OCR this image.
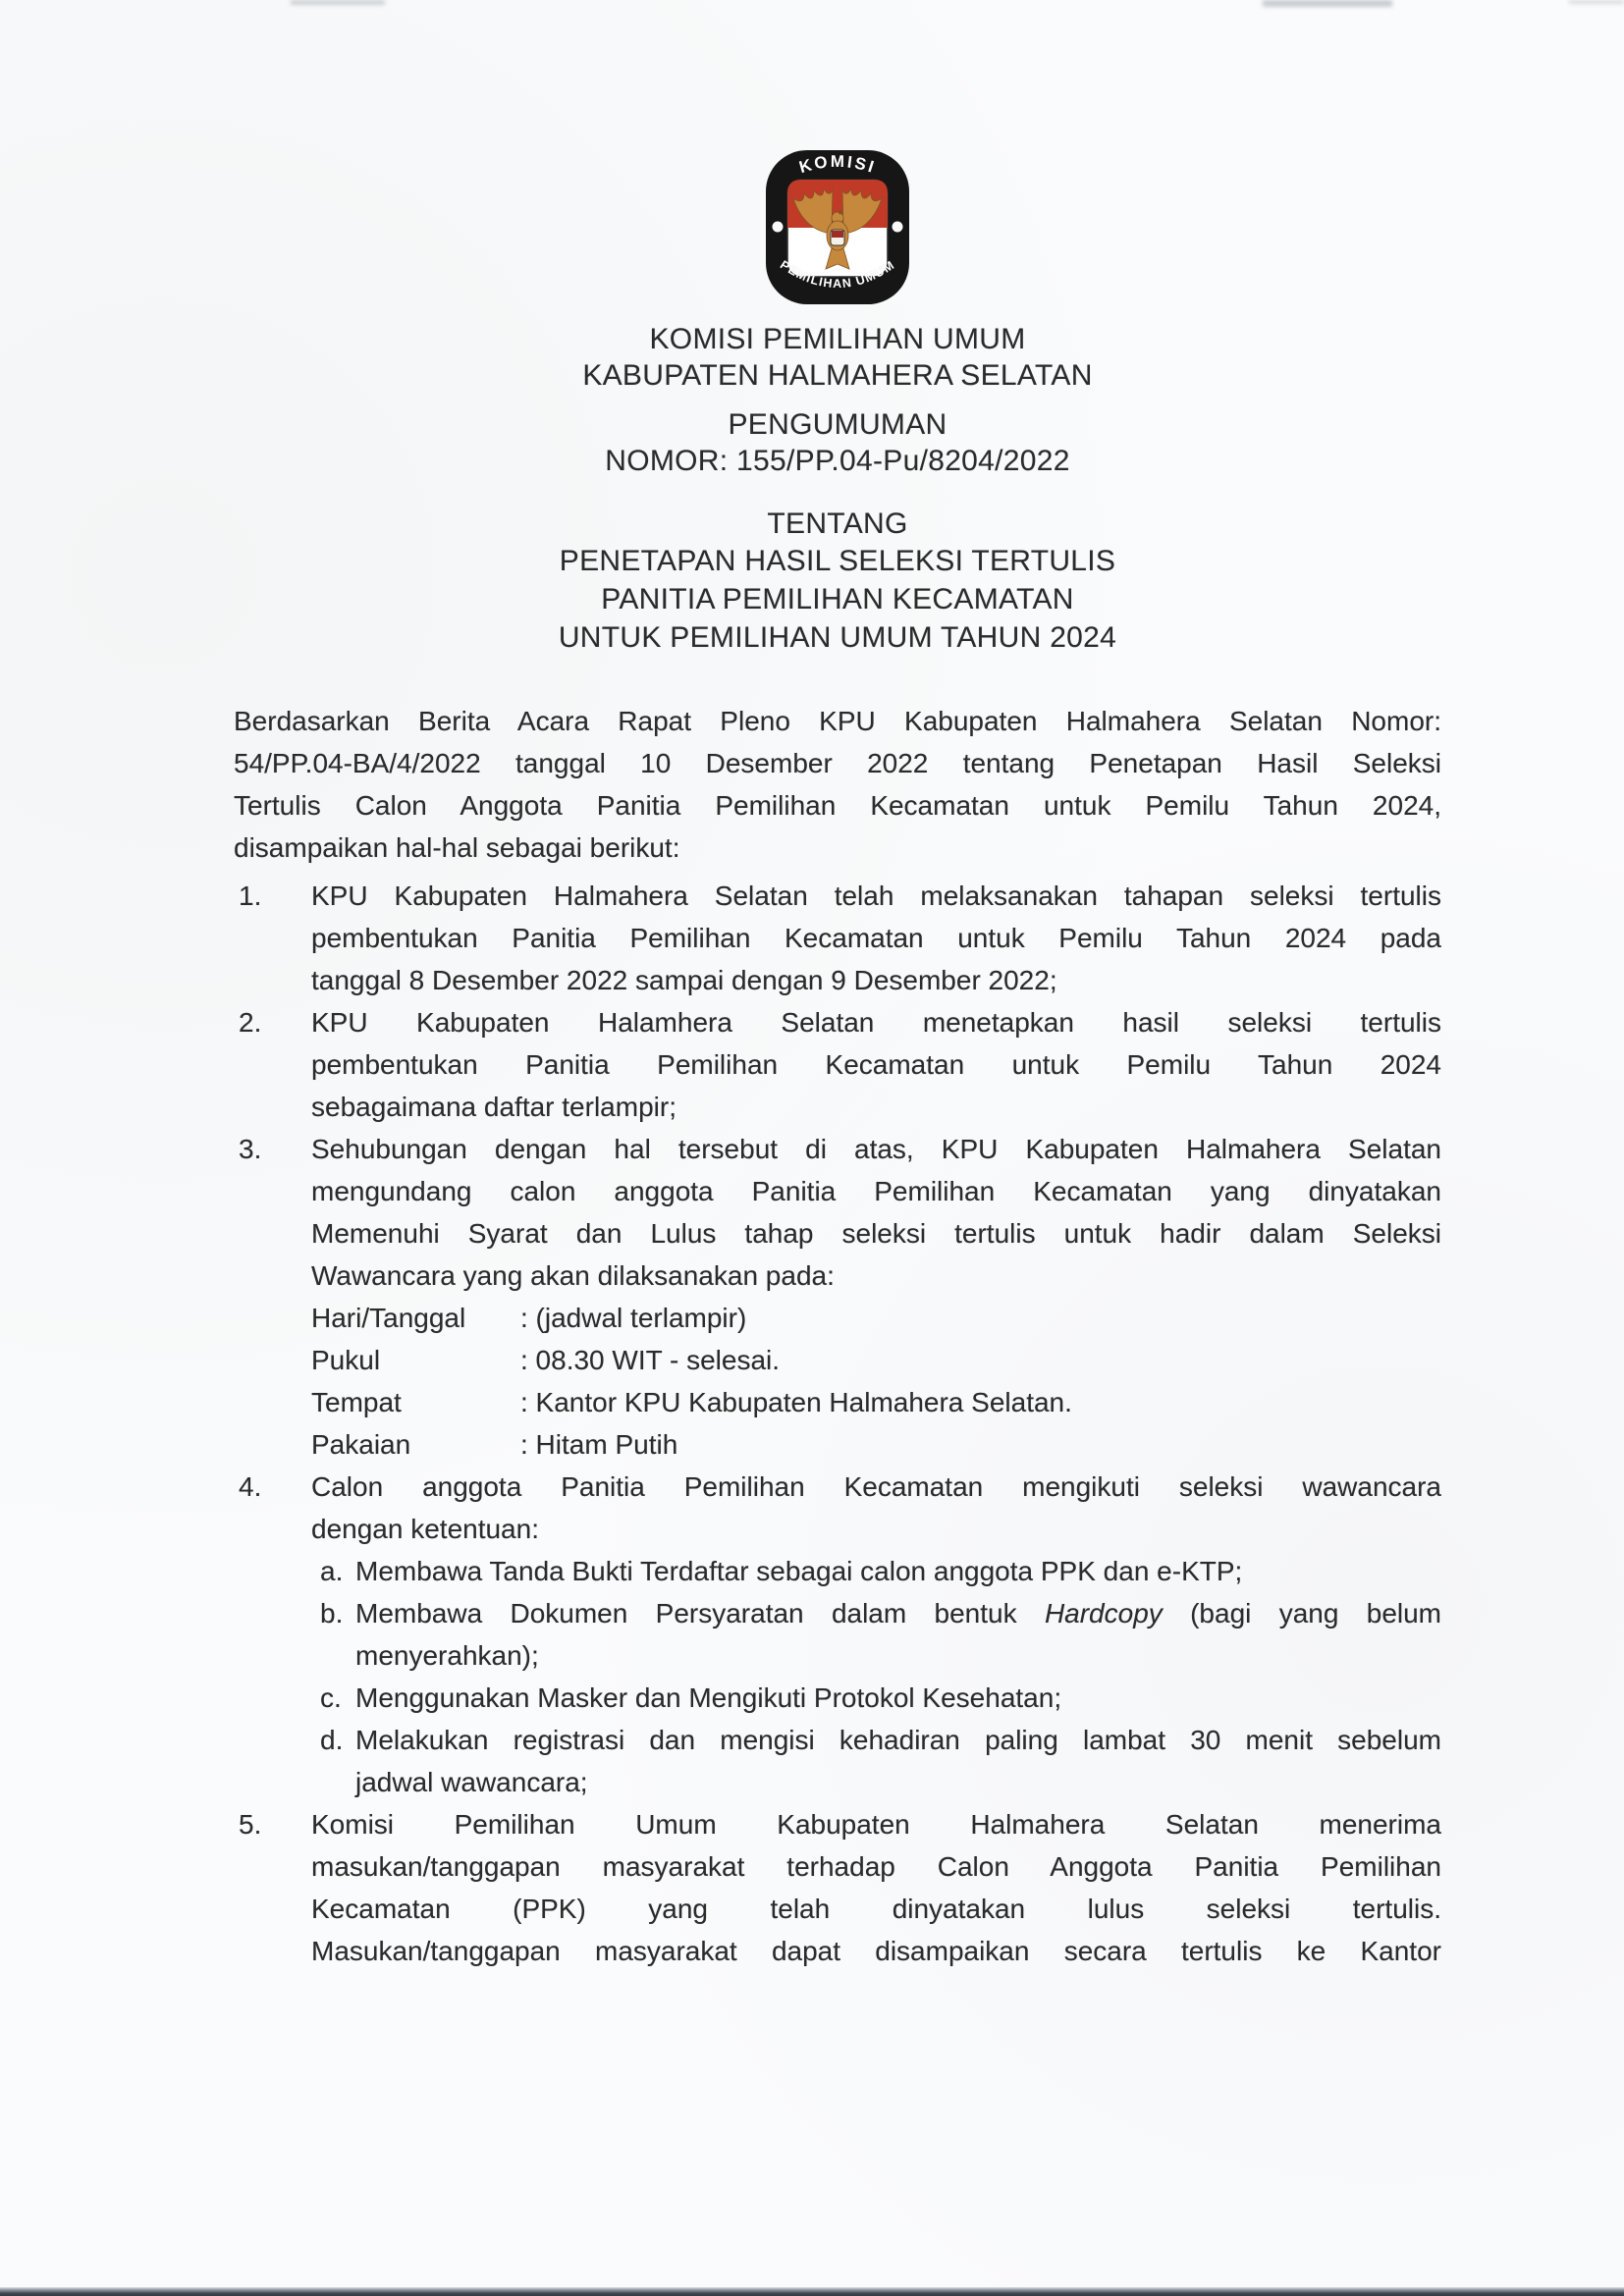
KOMISI
PEMILIHAN UMUM
KOMISI PEMILIHAN UMUM
KABUPATEN HALMAHERA SELATAN
PENGUMUMAN
NOMOR: 155/PP.04-Pu/8204/2022
TENTANG
PENETAPAN HASIL SELEKSI TERTULIS
PANITIA PEMILIHAN KECAMATAN
UNTUK PEMILIHAN UMUM TAHUN 2024
Berdasarkan Berita Acara Rapat Pleno KPU Kabupaten Halmahera Selatan Nomor:
54/PP.04-BA/4/2022 tanggal 10 Desember 2022 tentang Penetapan Hasil Seleksi
Tertulis Calon Anggota Panitia Pemilihan Kecamatan untuk Pemilu Tahun 2024,
disampaikan hal-hal sebagai berikut:
1. KPU Kabupaten Halmahera Selatan telah melaksanakan tahapan seleksi tertulis
pembentukan Panitia Pemilihan Kecamatan untuk Pemilu Tahun 2024 pada
tanggal 8 Desember 2022 sampai dengan 9 Desember 2022;
2. KPU Kabupaten Halamhera Selatan menetapkan hasil seleksi tertulis
pembentukan Panitia Pemilihan Kecamatan untuk Pemilu Tahun 2024
sebagaimana daftar terlampir;
3. Sehubungan dengan hal tersebut di atas, KPU Kabupaten Halmahera Selatan
mengundang calon anggota Panitia Pemilihan Kecamatan yang dinyatakan
Memenuhi Syarat dan Lulus tahap seleksi tertulis untuk hadir dalam Seleksi
Wawancara yang akan dilaksanakan pada:
Hari/Tanggal	: (jadwal terlampir)
Pukul	: 08.30 WIT - selesai.
Tempat	: Kantor KPU Kabupaten Halmahera Selatan.
Pakaian	: Hitam Putih
4. Calon anggota Panitia Pemilihan Kecamatan mengikuti seleksi wawancara
dengan ketentuan:
a. Membawa Tanda Bukti Terdaftar sebagai calon anggota PPK dan e-KTP;
b. Membawa Dokumen Persyaratan dalam bentuk Hardcopy (bagi yang belum
menyerahkan);
c. Menggunakan Masker dan Mengikuti Protokol Kesehatan;
d. Melakukan registrasi dan mengisi kehadiran paling lambat 30 menit sebelum
jadwal wawancara;
5. Komisi Pemilihan Umum Kabupaten Halmahera Selatan menerima
masukan/tanggapan masyarakat terhadap Calon Anggota Panitia Pemilihan
Kecamatan (PPK) yang telah dinyatakan lulus seleksi tertulis.
Masukan/tanggapan masyarakat dapat disampaikan secara tertulis ke Kantor
